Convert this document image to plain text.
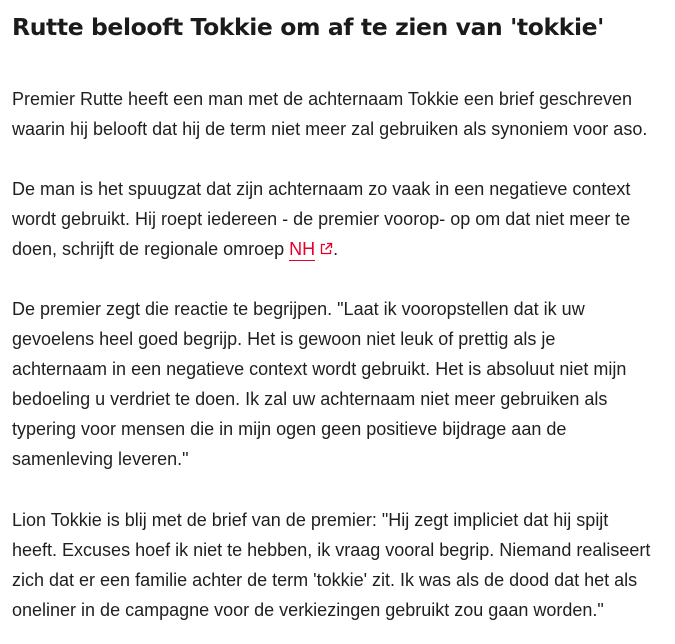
Rutte belooft Tokkie om af te zien van 'tokkie'

Premier Rutte heeft een man met de achternaam Tokkie een brief geschreven
waarin hij belooft dat hij de term niet meer zal gebruiken als synoniem voor aso.

De man is het spuugzat dat zijn achternaam zo vaak in een negatieve context
wordt gebruikt. Hij roept iedereen - de premier voorop- op om dat niet meer te
doen, schrijft de regionale omroep NH .

De premier zegt die reactie te begrijpen. "Laat ik vooropstellen dat ik uw
gevoelens heel goed begrijp. Het is gewoon niet leuk of prettig als je
achternaam in een negatieve context wordt gebruikt. Het is absoluut niet mijn
bedoeling u verdriet te doen. Ik zal uw achternaam niet meer gebruiken als
typering voor mensen die in mijn ogen geen positieve bijdrage aan de
samenleving leveren."

Lion Tokkie is blij met de brief van de premier: "Hij zegt impliciet dat hij spijt
heeft. Excuses hoef ik niet te hebben, ik vraag vooral begrip. Niemand realiseert
zich dat er een familie achter de term 'tokkie' zit. Ik was als de dood dat het als
oneliner in de campagne voor de verkiezingen gebruikt zou gaan worden."
